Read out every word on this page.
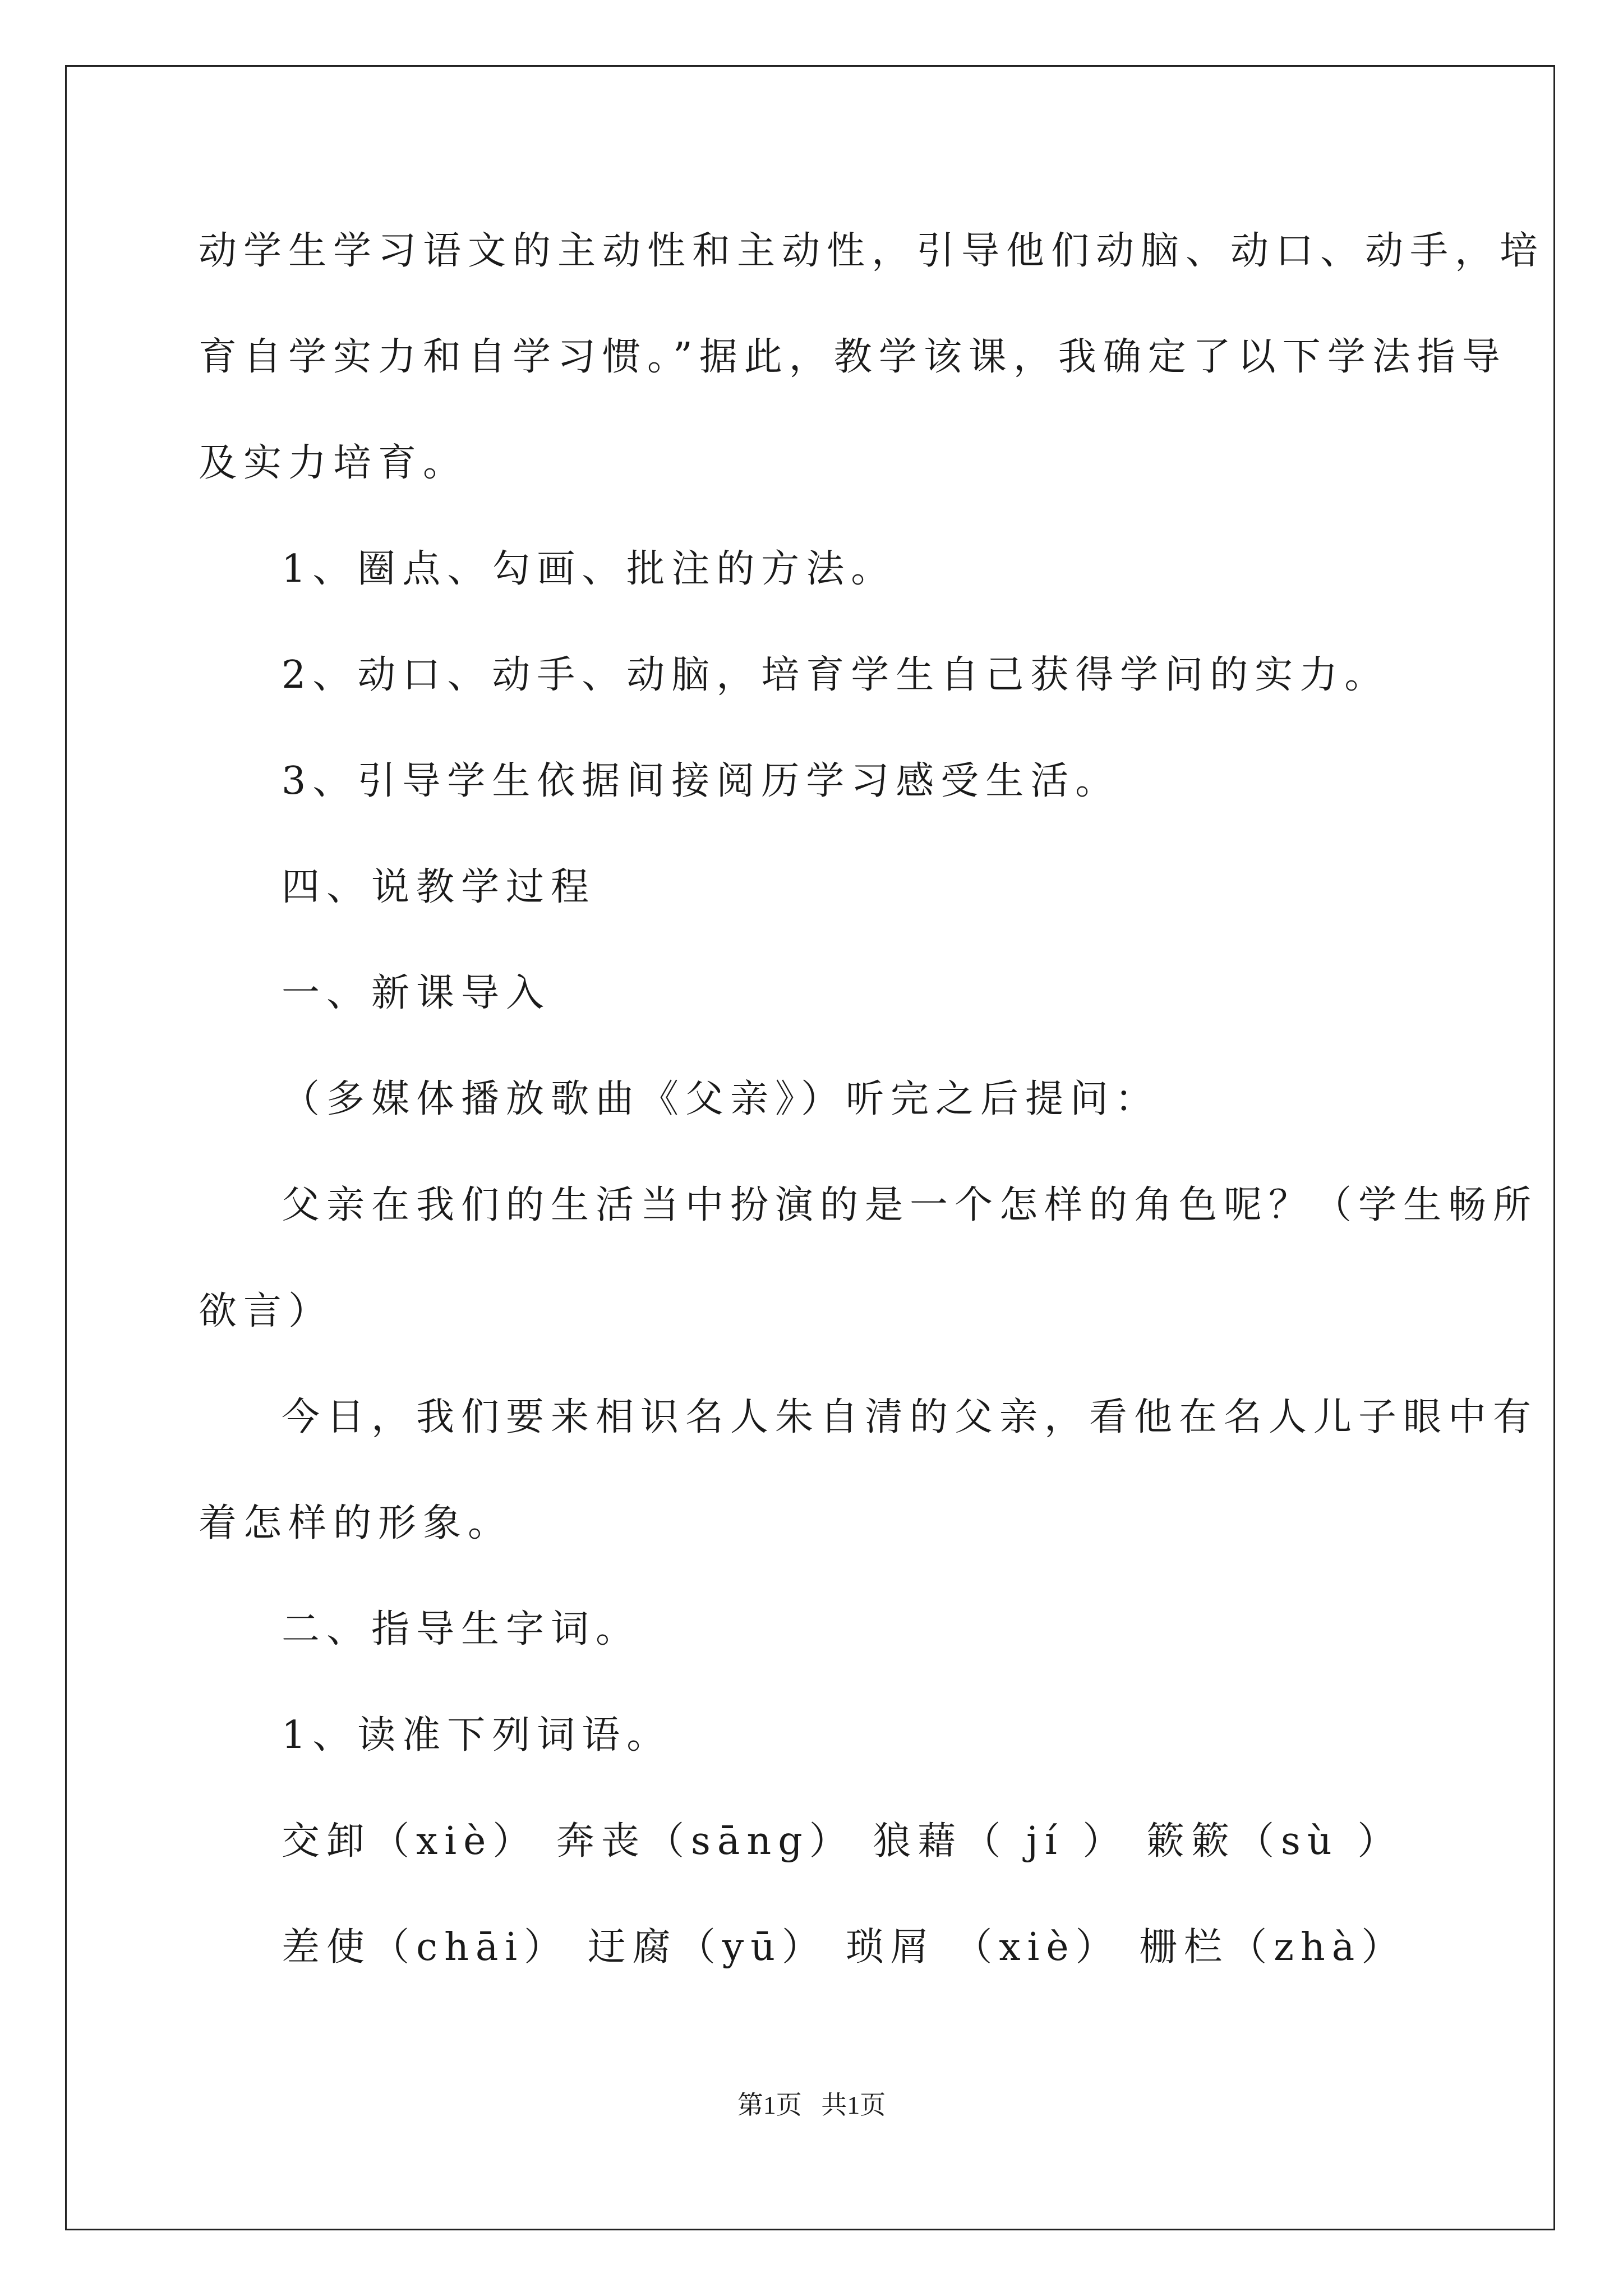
动学生学习语文的主动性和主动性，引导他们动脑、动口、动手，培
育自学实力和自学习惯。”据此，教学该课，我确定了以下学法指导
及实力培育。
1、圈点、勾画、批注的方法。
2、动口、动手、动脑，培育学生自己获得学问的实力。
3、引导学生依据间接阅历学习感受生活。
四、说教学过程
一、新课导入
（多媒体播放歌曲《父亲》）听完之后提问：
父亲在我们的生活当中扮演的是一个怎样的角色呢？（学生畅所
欲言）
今日，我们要来相识名人朱自清的父亲，看他在名人儿子眼中有
着怎样的形象。
二、指导生字词。
1、读准下列词语。
交卸（xiè） 奔丧（sāng） 狼藉（ jí ） 簌簌（sù ）
差使（chāi） 迂腐（yū） 琐屑 （xiè） 栅栏（zhà）
第1页   共1页
